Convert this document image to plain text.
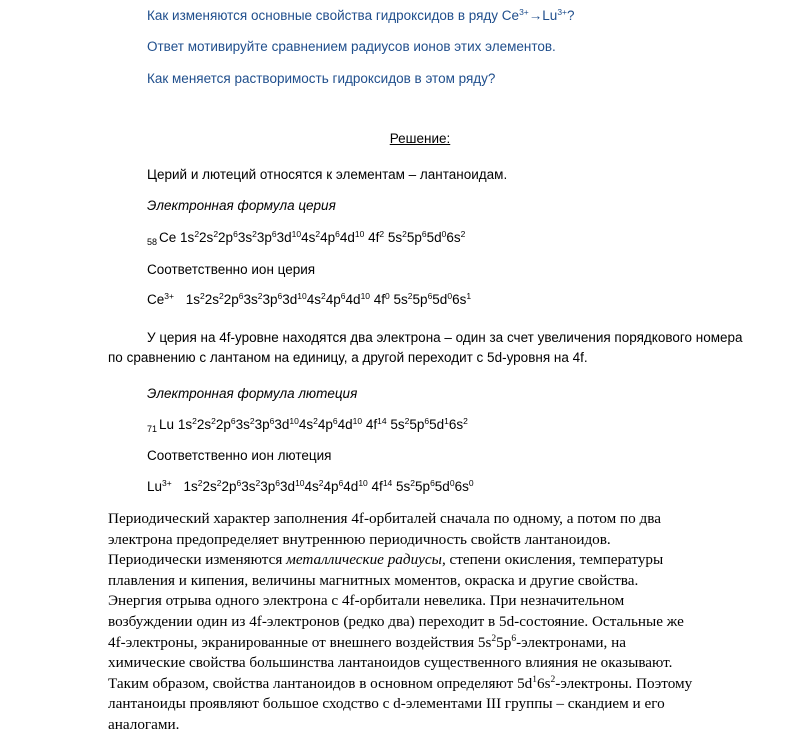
Как изменяются основные свойства гидроксидов в ряду $Ce^{3+}\to Lu^{3+}$?
Ответ мотивируйте сравнением радиусов ионов этих элементов.
Как меняется растворимость гидроксидов в этом ряду?
Решение:
Церий и лютеций относятся к элементам – лантаноидам.
Электронная формула церия
$_{58}$ Ce $1s^22s^22p^63s^23p^63d^{10}4s^24p^64d^{10}$ $4f^2$ $5s^25p^65d^06s^2$
Соответственно ион церия
$Ce^{3+}$ $1s^22s^22p^63s^23p^63d^{10}4s^24p^64d^{10}$ $4f^0$ $5s^25p^65d^06s^1$
У церия на 4f-уровне находятся два электрона – один за счет увеличения порядкового номера
по сравнению с лантаном на единицу, а другой переходит с 5d-уровня на 4f.
Электронная формула лютеция
$_{71}$ Lu $1s^22s^22p^63s^23p^63d^{10}4s^24p^64d^{10}$ $4f^{14}$ $5s^25p^65d^16s^2$
Соответственно ион лютеция
$Lu^{3+}$ $1s^22s^22p^63s^23p^63d^{10}4s^24p^64d^{10}$ $4f^{14}$ $5s^25p^65d^06s^0$
Периодический характер заполнения 4f-орбиталей сначала по одному, а потом по два
электрона предопределяет внутреннюю периодичность свойств лантаноидов.
Периодически изменяются металлические радиусы, степени окисления, температуры
плавления и кипения, величины магнитных моментов, окраска и другие свойства.
Энергия отрыва одного электрона с 4f-орбитали невелика. При незначительном
возбуждении один из 4f-электронов (редко два) переходит в 5d-состояние. Остальные же
4f-электроны, экранированные от внешнего воздействия $5s^25p^6$-электронами, на
химические свойства большинства лантаноидов существенного влияния не оказывают.
Таким образом, свойства лантаноидов в основном определяют $5d^16s^2$-электроны. Поэтому
лантаноиды проявляют большое сходство с d-элементами III группы – скандием и его
аналогами.
